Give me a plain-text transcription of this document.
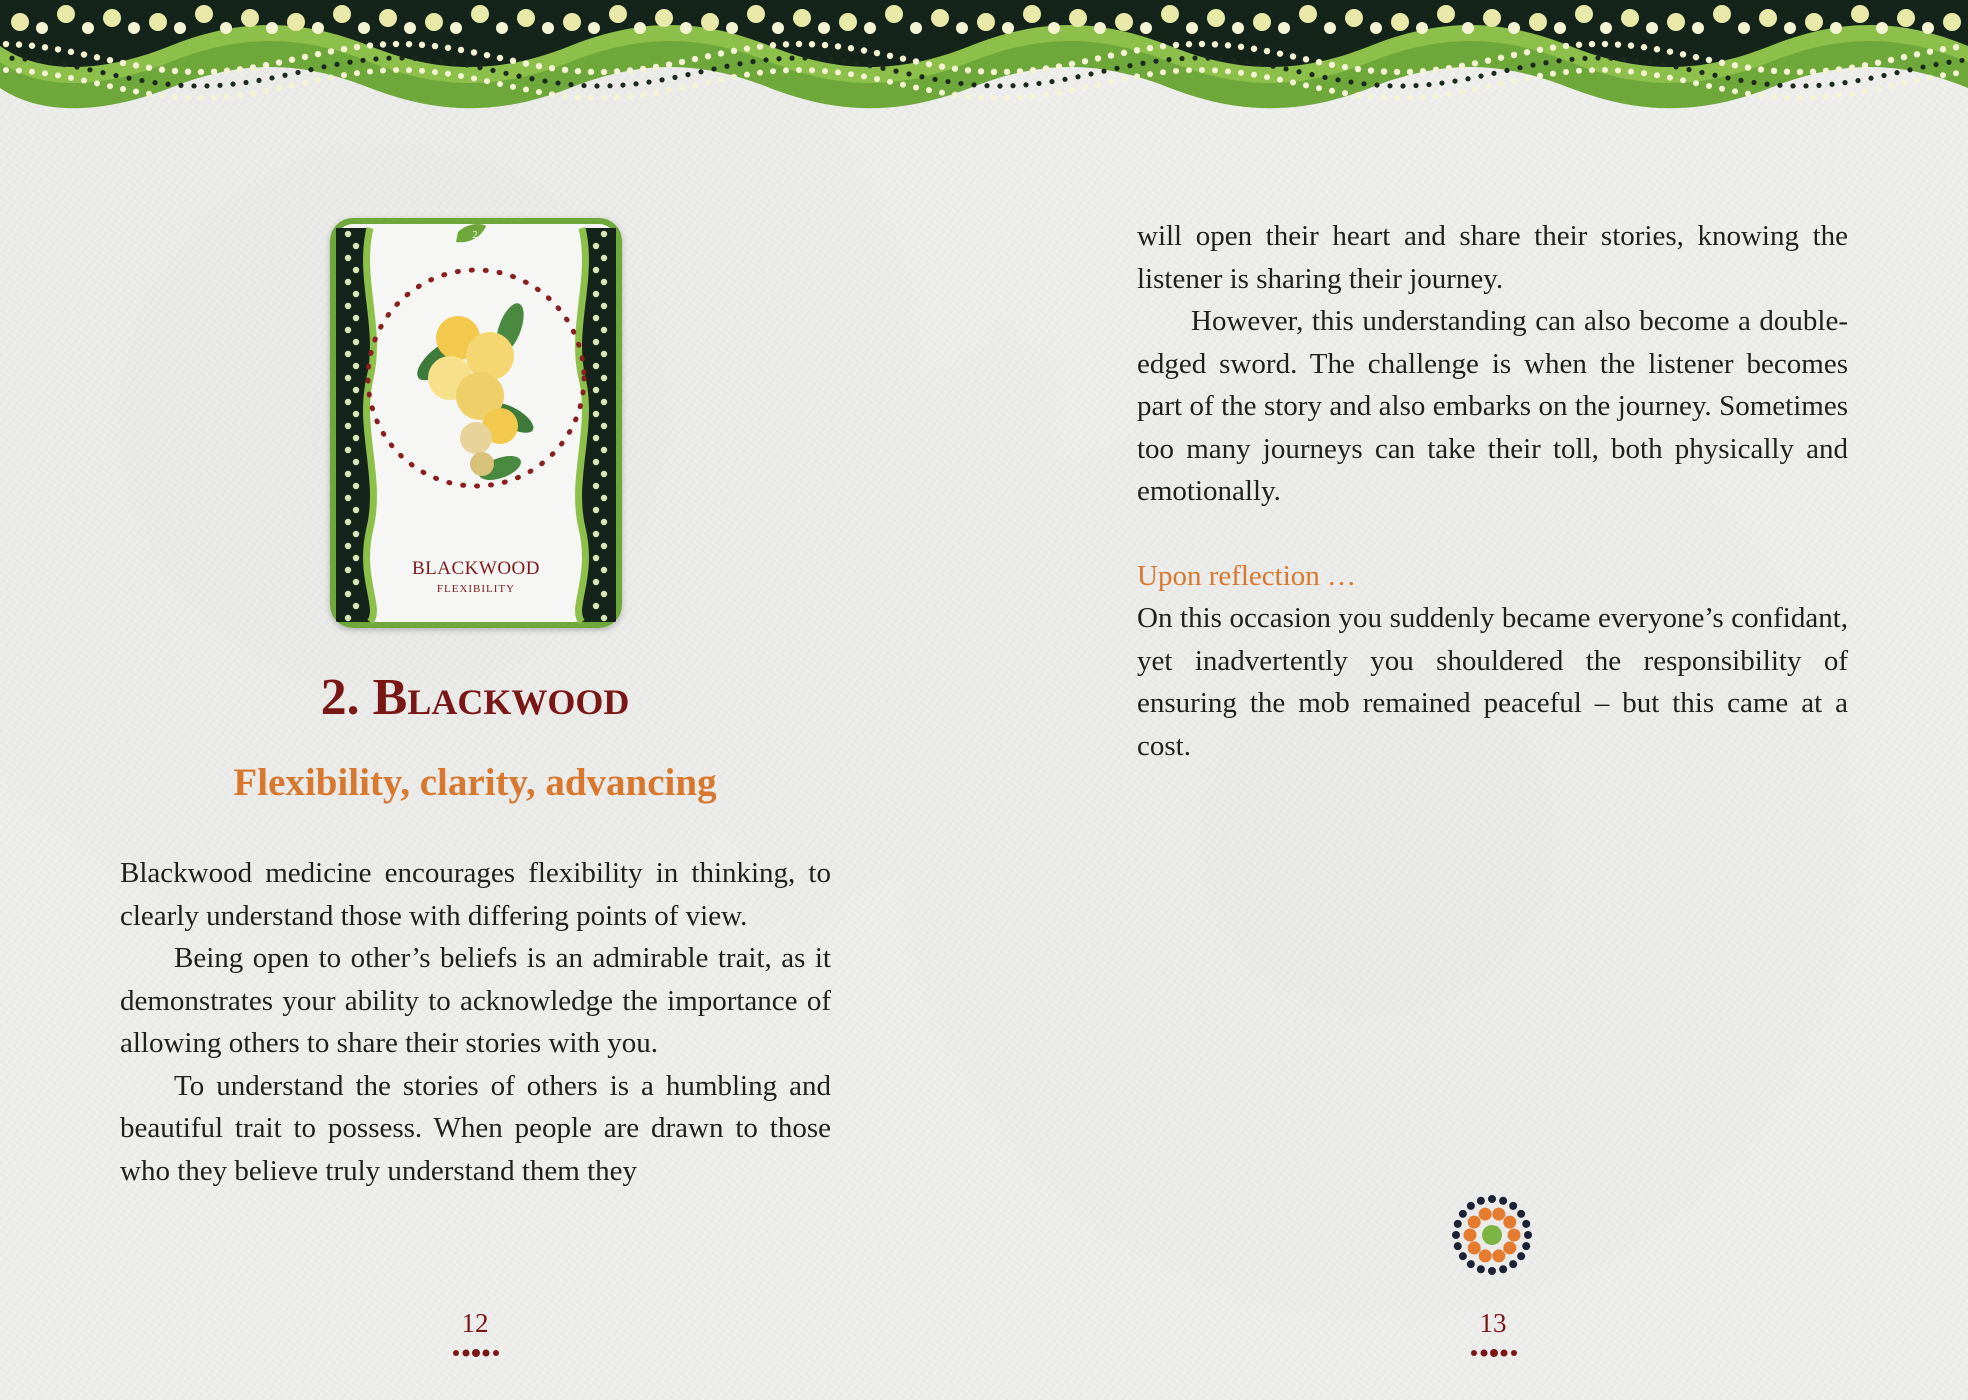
BLACKWOOD
FLEXIBILITY
2
2. Blackwood
Flexibility, clarity, advancing

Blackwood medicine encourages flexibility in thinking, to clearly understand those with differing points of view.

Being open to other’s beliefs is an admirable trait, as it demonstrates your ability to acknowledge the importance of allowing others to share their stories with you.

To understand the stories of others is a humbling and beautiful trait to possess. When people are drawn to those who they believe truly understand them they

will open their heart and share their stories, knowing the listener is sharing their journey.

However, this understanding can also become a double-edged sword. The challenge is when the listener becomes part of the story and also embarks on the journey. Sometimes too many journeys can take their toll, both physically and emotionally.

Upon reflection …

On this occasion you suddenly became everyone’s confidant, yet inadvertently you shouldered the responsibility of ensuring the mob remained peaceful – but this came at a cost.

12	13
